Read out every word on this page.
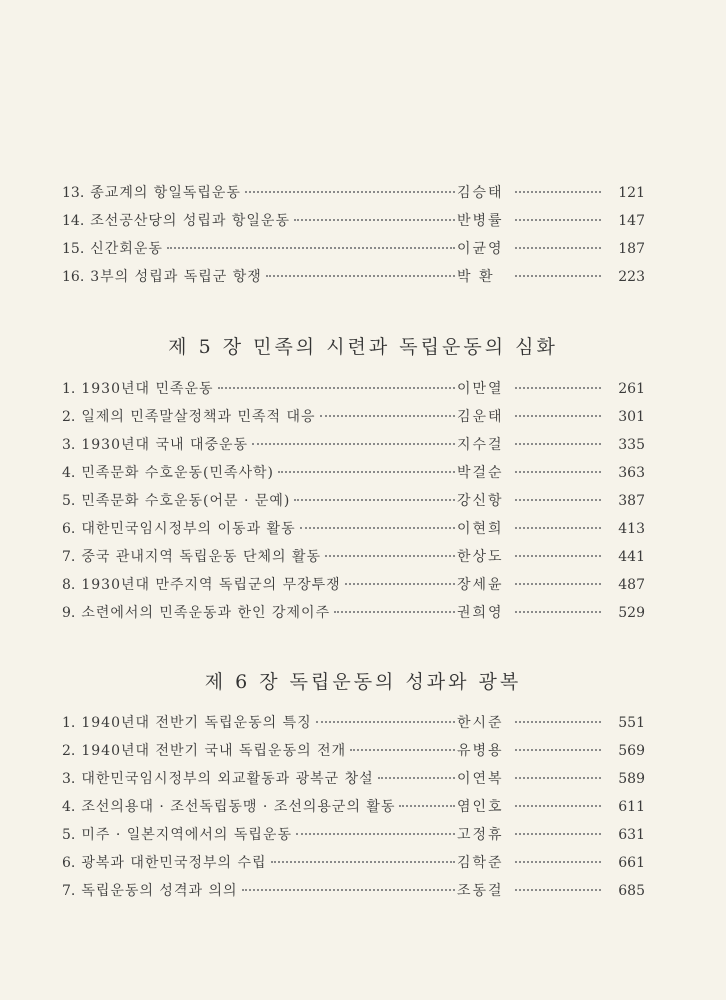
제 5 장 민족의 시련과 독립운동의 심화
제 6 장 독립운동의 성과와 광복
13. 종교계의 항일독립운동	김승태	121
14. 조선공산당의 성립과 항일운동	반병률	147
15. 신간회운동	이균영	187
16. 3부의 성립과 독립군 항쟁	박 환	223
1. 1930년대 민족운동	이만열	261
2. 일제의 민족말살정책과 민족적 대응	김운태	301
3. 1930년대 국내 대중운동	지수걸	335
4. 민족문화 수호운동(민족사학)	박걸순	363
5. 민족문화 수호운동(어문 · 문예)	강신항	387
6. 대한민국임시정부의 이동과 활동	이현희	413
7. 중국 관내지역 독립운동 단체의 활동	한상도	441
8. 1930년대 만주지역 독립군의 무장투쟁	장세윤	487
9. 소련에서의 민족운동과 한인 강제이주	권희영	529
1. 1940년대 전반기 독립운동의 특징	한시준	551
2. 1940년대 전반기 국내 독립운동의 전개	유병용	569
3. 대한민국임시정부의 외교활동과 광복군 창설	이연복	589
4. 조선의용대 · 조선독립동맹 · 조선의용군의 활동	염인호	611
5. 미주 · 일본지역에서의 독립운동	고정휴	631
6. 광복과 대한민국정부의 수립	김학준	661
7. 독립운동의 성격과 의의	조동걸	685
